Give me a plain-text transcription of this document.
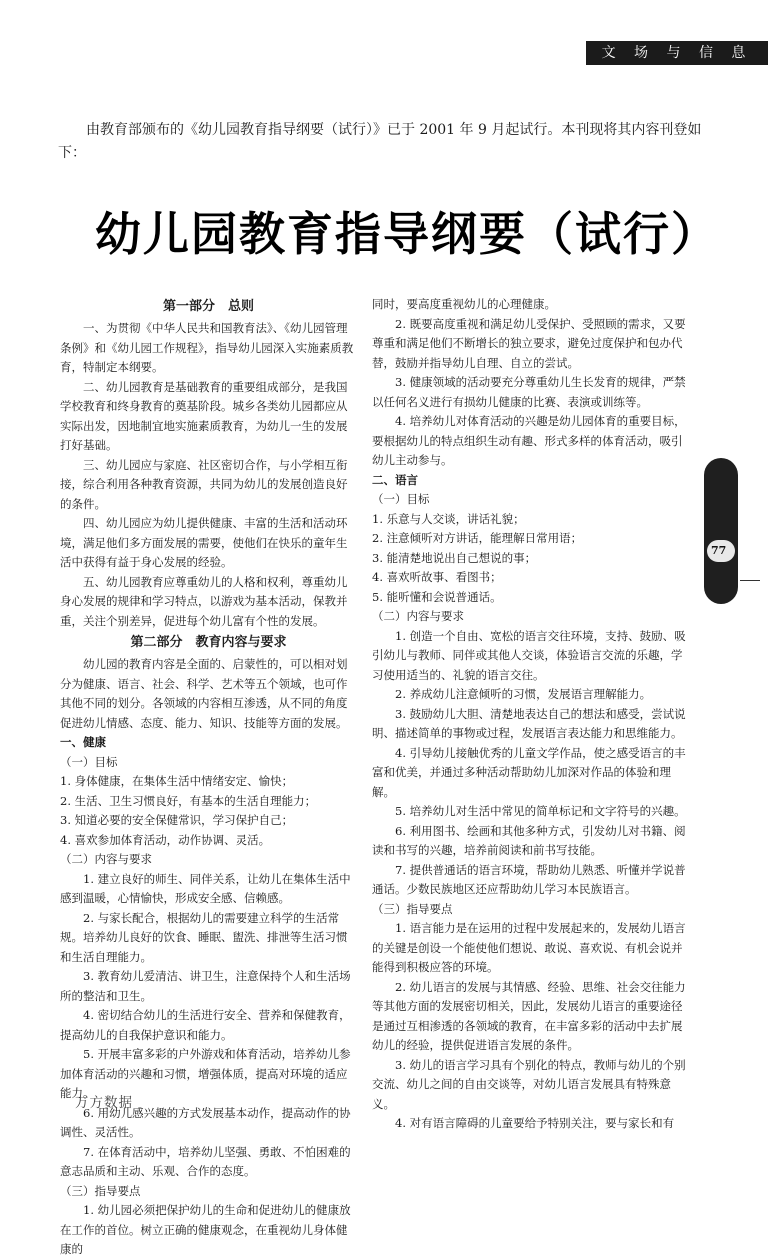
文 场 与 信 息
由教育部颁布的《幼儿园教育指导纲要（试行）》已于 2001 年 9 月起试行。本刊现将其内容刊登如下：
幼儿园教育指导纲要（试行）
第一部分　总则

一、为贯彻《中华人民共和国教育法》、《幼儿园管理条例》和《幼儿园工作规程》，指导幼儿园深入实施素质教育，特制定本纲要。

二、幼儿园教育是基础教育的重要组成部分，是我国学校教育和终身教育的奠基阶段。城乡各类幼儿园都应从实际出发，因地制宜地实施素质教育，为幼儿一生的发展打好基础。

三、幼儿园应与家庭、社区密切合作，与小学相互衔接，综合利用各种教育资源，共同为幼儿的发展创造良好的条件。

四、幼儿园应为幼儿提供健康、丰富的生活和活动环境，满足他们多方面发展的需要，使他们在快乐的童年生活中获得有益于身心发展的经验。

五、幼儿园教育应尊重幼儿的人格和权利，尊重幼儿身心发展的规律和学习特点，以游戏为基本活动，保教并重，关注个别差异，促进每个幼儿富有个性的发展。

第二部分　教育内容与要求

幼儿园的教育内容是全面的、启蒙性的，可以相对划分为健康、语言、社会、科学、艺术等五个领域，也可作其他不同的划分。各领域的内容相互渗透，从不同的角度促进幼儿情感、态度、能力、知识、技能等方面的发展。

一、健康

（一）目标

1. 身体健康，在集体生活中情绪安定、愉快；

2. 生活、卫生习惯良好，有基本的生活自理能力；

3. 知道必要的安全保健常识，学习保护自己；

4. 喜欢参加体育活动，动作协调、灵活。

（二）内容与要求

1. 建立良好的师生、同伴关系，让幼儿在集体生活中感到温暖，心情愉快，形成安全感、信赖感。

2. 与家长配合，根据幼儿的需要建立科学的生活常规。培养幼儿良好的饮食、睡眠、盥洗、排泄等生活习惯和生活自理能力。

3. 教育幼儿爱清洁、讲卫生，注意保持个人和生活场所的整洁和卫生。

4. 密切结合幼儿的生活进行安全、营养和保健教育，提高幼儿的自我保护意识和能力。

5. 开展丰富多彩的户外游戏和体育活动，培养幼儿参加体育活动的兴趣和习惯，增强体质，提高对环境的适应能力。

6. 用幼儿感兴趣的方式发展基本动作，提高动作的协调性、灵活性。

7. 在体育活动中，培养幼儿坚强、勇敢、不怕困难的意志品质和主动、乐观、合作的态度。

（三）指导要点

1. 幼儿园必须把保护幼儿的生命和促进幼儿的健康放在工作的首位。树立正确的健康观念，在重视幼儿身体健康的

同时，要高度重视幼儿的心理健康。

2. 既要高度重视和满足幼儿受保护、受照顾的需求，又要尊重和满足他们不断增长的独立要求，避免过度保护和包办代替，鼓励并指导幼儿自理、自立的尝试。

3. 健康领域的活动要充分尊重幼儿生长发育的规律，严禁以任何名义进行有损幼儿健康的比赛、表演或训练等。

4. 培养幼儿对体育活动的兴趣是幼儿园体育的重要目标，要根据幼儿的特点组织生动有趣、形式多样的体育活动，吸引幼儿主动参与。

二、语言

（一）目标

1. 乐意与人交谈，讲话礼貌；

2. 注意倾听对方讲话，能理解日常用语；

3. 能清楚地说出自己想说的事；

4. 喜欢听故事、看图书；

5. 能听懂和会说普通话。

（二）内容与要求

1. 创造一个自由、宽松的语言交往环境，支持、鼓励、吸引幼儿与教师、同伴或其他人交谈，体验语言交流的乐趣，学习使用适当的、礼貌的语言交往。

2. 养成幼儿注意倾听的习惯，发展语言理解能力。

3. 鼓励幼儿大胆、清楚地表达自己的想法和感受，尝试说明、描述简单的事物或过程，发展语言表达能力和思维能力。

4. 引导幼儿接触优秀的儿童文学作品，使之感受语言的丰富和优美，并通过多种活动帮助幼儿加深对作品的体验和理解。

5. 培养幼儿对生活中常见的简单标记和文字符号的兴趣。

6. 利用图书、绘画和其他多种方式，引发幼儿对书籍、阅读和书写的兴趣，培养前阅读和前书写技能。

7. 提供普通话的语言环境，帮助幼儿熟悉、听懂并学说普通话。少数民族地区还应帮助幼儿学习本民族语言。

（三）指导要点

1. 语言能力是在运用的过程中发展起来的，发展幼儿语言的关键是创设一个能使他们想说、敢说、喜欢说、有机会说并能得到积极应答的环境。

2. 幼儿语言的发展与其情感、经验、思维、社会交往能力等其他方面的发展密切相关，因此，发展幼儿语言的重要途径是通过互相渗透的各领域的教育，在丰富多彩的活动中去扩展幼儿的经验，提供促进语言发展的条件。

3. 幼儿的语言学习具有个别化的特点，教师与幼儿的个别交流、幼儿之间的自由交谈等，对幼儿语言发展具有特殊意义。

4. 对有语言障碍的儿童要给予特别关注，要与家长和有

77
万方数据
